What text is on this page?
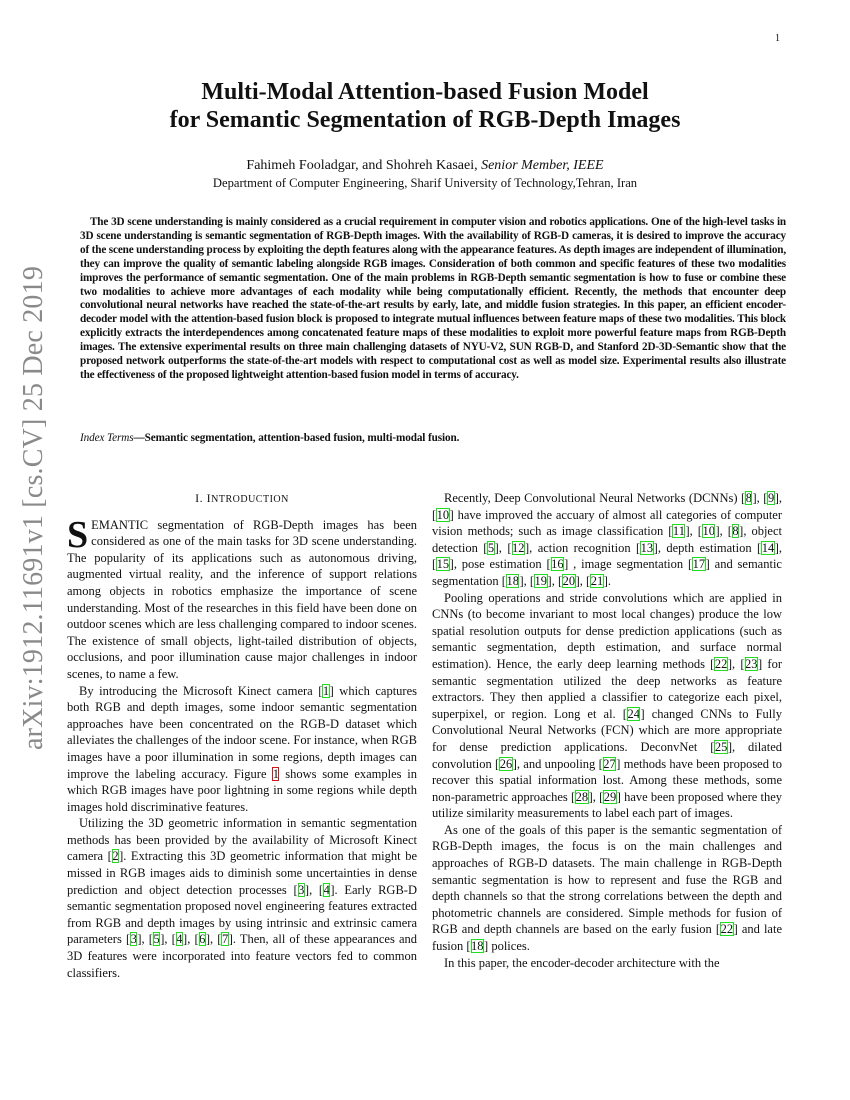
1
arXiv:1912.11691v1 [cs.CV] 25 Dec 2019
Multi-Modal Attention-based Fusion Model
for Semantic Segmentation of RGB-Depth Images
Fahimeh Fooladgar, and Shohreh Kasaei, Senior Member, IEEE
Department of Computer Engineering, Sharif University of Technology,Tehran, Iran
The 3D scene understanding is mainly considered as a crucial requirement in computer vision and robotics applications. One of the high-level tasks in 3D scene understanding is semantic segmentation of RGB-Depth images. With the availability of RGB-D cameras, it is desired to improve the accuracy of the scene understanding process by exploiting the depth features along with the appearance features. As depth images are independent of illumination, they can improve the quality of semantic labeling alongside RGB images. Consideration of both common and specific features of these two modalities improves the performance of semantic segmentation. One of the main problems in RGB-Depth semantic segmentation is how to fuse or combine these two modalities to achieve more advantages of each modality while being computationally efficient. Recently, the methods that encounter deep convolutional neural networks have reached the state-of-the-art results by early, late, and middle fusion strategies. In this paper, an efficient encoder-decoder model with the attention-based fusion block is proposed to integrate mutual influences between feature maps of these two modalities. This block explicitly extracts the interdependences among concatenated feature maps of these modalities to exploit more powerful feature maps from RGB-Depth images. The extensive experimental results on three main challenging datasets of NYU-V2, SUN RGB-D, and Stanford 2D-3D-Semantic show that the proposed network outperforms the state-of-the-art models with respect to computational cost as well as model size. Experimental results also illustrate the effectiveness of the proposed lightweight attention-based fusion model in terms of accuracy.
Index Terms—Semantic segmentation, attention-based fusion, multi-modal fusion.
I. INTRODUCTION

SEMANTIC segmentation of RGB-Depth images has been considered as one of the main tasks for 3D scene understanding. The popularity of its applications such as autonomous driving, augmented virtual reality, and the inference of support relations among objects in robotics emphasize the importance of scene understanding. Most of the researches in this field have been done on outdoor scenes which are less challenging compared to indoor scenes. The existence of small objects, light-tailed distribution of objects, occlusions, and poor illumination cause major challenges in indoor scenes, to name a few.

By introducing the Microsoft Kinect camera [1] which captures both RGB and depth images, some indoor semantic segmentation approaches have been concentrated on the RGB-D dataset which alleviates the challenges of the indoor scene. For instance, when RGB images have a poor illumination in some regions, depth images can improve the labeling accuracy. Figure 1 shows some examples in which RGB images have poor lightning in some regions while depth images hold discriminative features.

Utilizing the 3D geometric information in semantic segmentation methods has been provided by the availability of Microsoft Kinect camera [2]. Extracting this 3D geometric information that might be missed in RGB images aids to diminish some uncertainties in dense prediction and object detection processes [3], [4]. Early RGB-D semantic segmentation proposed novel engineering features extracted from RGB and depth images by using intrinsic and extrinsic camera parameters [3], [5], [4], [6], [7]. Then, all of these appearances and 3D features were incorporated into feature vectors fed to common classifiers.

Recently, Deep Convolutional Neural Networks (DCNNs) [8], [9], [10] have improved the accuary of almost all categories of computer vision methods; such as image classification [11], [10], [8], object detection [5], [12], action recognition [13], depth estimation [14], [15], pose estimation [16] , image segmentation [17] and semantic segmentation [18], [19], [20], [21].

Pooling operations and stride convolutions which are applied in CNNs (to become invariant to most local changes) produce the low spatial resolution outputs for dense prediction applications (such as semantic segmentation, depth estimation, and surface normal estimation). Hence, the early deep learning methods [22], [23] for semantic segmentation utilized the deep networks as feature extractors. They then applied a classifier to categorize each pixel, superpixel, or region. Long et al. [24] changed CNNs to Fully Convolutional Neural Networks (FCN) which are more appropriate for dense prediction applications. DeconvNet [25], dilated convolution [26], and unpooling [27] methods have been proposed to recover this spatial information lost. Among these methods, some non-parametric approaches [28], [29] have been proposed where they utilize similarity measurements to label each part of images.

As one of the goals of this paper is the semantic segmentation of RGB-Depth images, the focus is on the main challenges and approaches of RGB-D datasets. The main challenge in RGB-Depth semantic segmentation is how to represent and fuse the RGB and depth channels so that the strong correlations between the depth and photometric channels are considered. Simple methods for fusion of RGB and depth channels are based on the early fusion [22] and late fusion [18] polices.

In this paper, the encoder-decoder architecture with the
